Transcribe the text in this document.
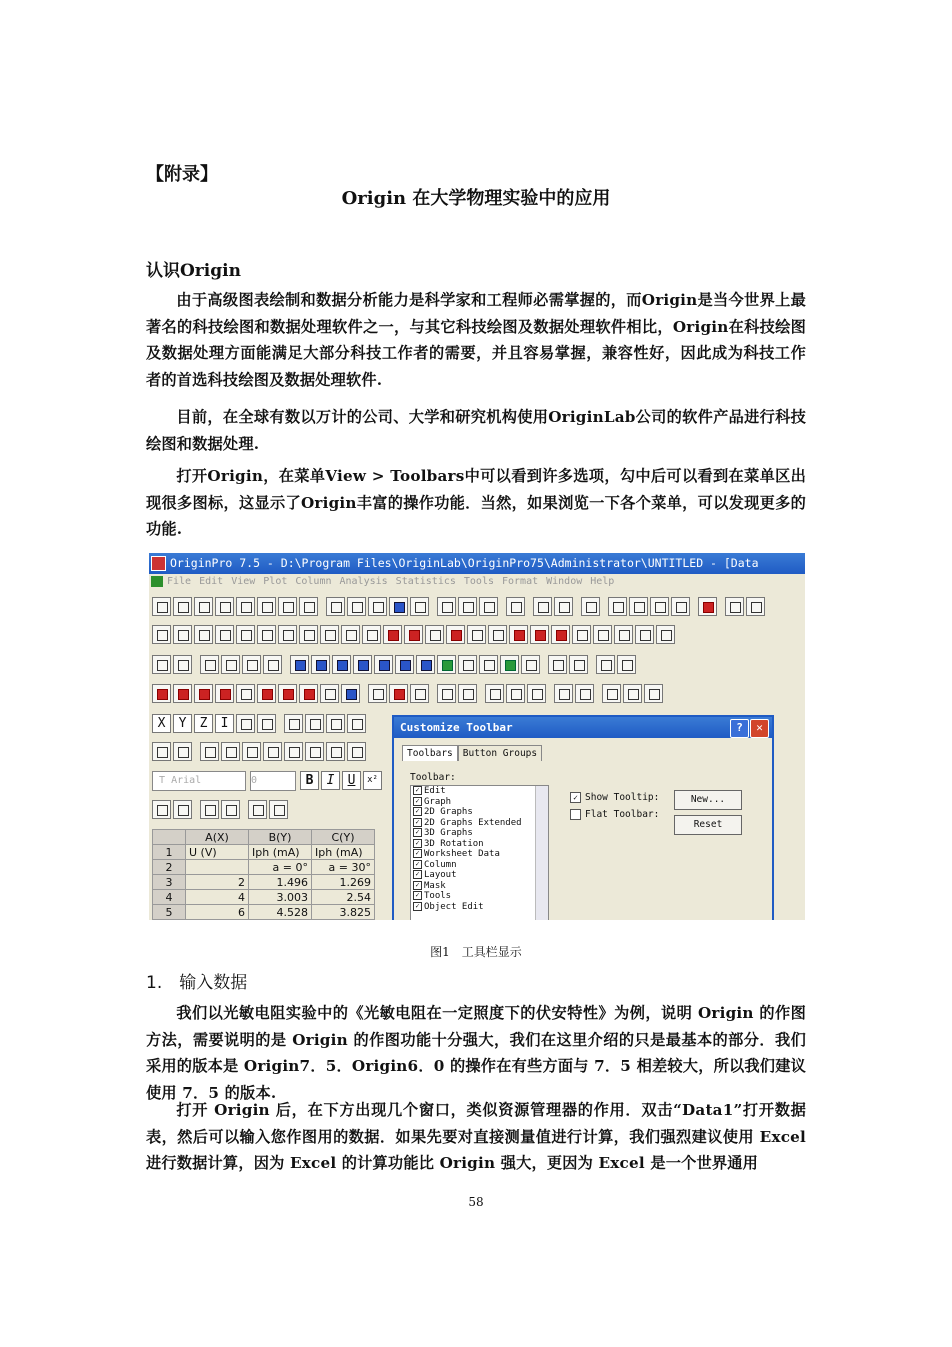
【附录】
Origin 在大学物理实验中的应用
认识Origin
由于高级图表绘制和数据分析能力是科学家和工程师必需掌握的，而Origin是当今世界上最著名的科技绘图和数据处理软件之一，与其它科技绘图及数据处理软件相比，Origin在科技绘图及数据处理方面能满足大部分科技工作者的需要，并且容易掌握，兼容性好，因此成为科技工作者的首选科技绘图及数据处理软件.
目前，在全球有数以万计的公司、大学和研究机构使用OriginLab公司的软件产品进行科技绘图和数据处理.
打开Origin，在菜单View > Toolbars中可以看到许多选项，勾中后可以看到在菜单区出现很多图标，这显示了Origin丰富的操作功能．当然，如果浏览一下各个菜单，可以发现更多的功能.
OriginPro 7.5 - D:\Program Files\OriginLab\OriginPro75\Administrator\UNTITLED - [Data
File Edit View Plot Column Analysis Statistics Tools Format Window Help
X Y Z I
T Arial	0	B I U x²
	A(X)	B(Y)	C(Y)
1	U (V)	Iph (mA)	Iph (mA)
2		a = 0°	a = 30°
3	2	1.496	1.269
4	4	3.003	2.54
5	6	4.528	3.825
Customize Toolbar	?	✕
Toolbars Button Groups
Toolbar:
✓ Edit
✓ Graph
✓ 2D Graphs
✓ 2D Graphs Extended
✓ 3D Graphs
✓ 3D Rotation
✓ Worksheet Data
✓ Column
✓ Layout
✓ Mask
✓ Tools
✓ Object Edit
✓ Show Tooltip:
Flat Toolbar:
New...
Reset
图1　工具栏显示
1.　输入数据
我们以光敏电阻实验中的《光敏电阻在一定照度下的伏安特性》为例，说明 Origin 的作图方法，需要说明的是 Origin 的作图功能十分强大，我们在这里介绍的只是最基本的部分．我们采用的版本是 Origin7．5．Origin6．0 的操作在有些方面与 7．5 相差较大，所以我们建议使用 7．5 的版本.
打开 Origin 后，在下方出现几个窗口，类似资源管理器的作用．双击“Data1”打开数据表，然后可以输入您作图用的数据．如果先要对直接测量值进行计算，我们强烈建议使用 Excel 进行数据计算，因为 Excel 的计算功能比 Origin 强大，更因为 Excel 是一个世界通用
58
